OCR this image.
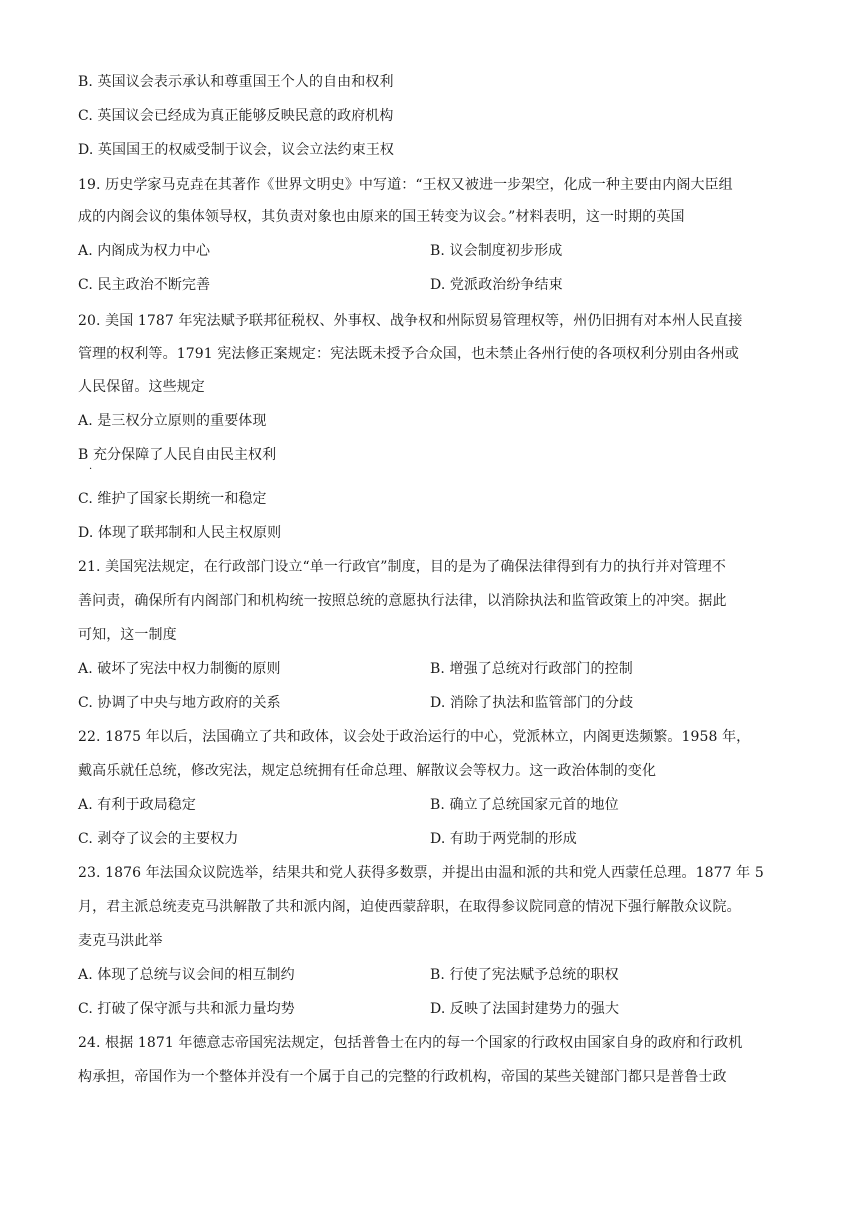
B. 英国议会表示承认和尊重国王个人的自由和权利
C. 英国议会已经成为真正能够反映民意的政府机构
D. 英国国王的权威受制于议会，议会立法约束王权
19. 历史学家马克垚在其著作《世界文明史》中写道：“王权又被进一步架空，化成一种主要由内阁大臣组
成的内阁会议的集体领导权，其负责对象也由原来的国王转变为议会。”材料表明，这一时期的英国
A. 内阁成为权力中心	B. 议会制度初步形成
C. 民主政治不断完善	D. 党派政治纷争结束
20. 美国 1787 年宪法赋予联邦征税权、外事权、战争权和州际贸易管理权等，州仍旧拥有对本州人民直接
管理的权利等。1791 宪法修正案规定：宪法既未授予合众国，也未禁止各州行使的各项权利分别由各州或
人民保留。这些规定
A. 是三权分立原则的重要体现
B 充分保障了人民自由民主权利
·
C. 维护了国家长期统一和稳定
D. 体现了联邦制和人民主权原则
21. 美国宪法规定，在行政部门设立“单一行政官”制度，目的是为了确保法律得到有力的执行并对管理不
善问责，确保所有内阁部门和机构统一按照总统的意愿执行法律，以消除执法和监管政策上的冲突。据此
可知，这一制度
A. 破坏了宪法中权力制衡的原则	B. 增强了总统对行政部门的控制
C. 协调了中央与地方政府的关系	D. 消除了执法和监管部门的分歧
22. 1875 年以后，法国确立了共和政体，议会处于政治运行的中心，党派林立，内阁更迭频繁。1958 年，
戴高乐就任总统，修改宪法，规定总统拥有任命总理、解散议会等权力。这一政治体制的变化
A. 有利于政局稳定	B. 确立了总统国家元首的地位
C. 剥夺了议会的主要权力	D. 有助于两党制的形成
23. 1876 年法国众议院选举，结果共和党人获得多数票，并提出由温和派的共和党人西蒙任总理。1877 年 5
月，君主派总统麦克马洪解散了共和派内阁，迫使西蒙辞职，在取得参议院同意的情况下强行解散众议院。
麦克马洪此举
A. 体现了总统与议会间的相互制约	B. 行使了宪法赋予总统的职权
C. 打破了保守派与共和派力量均势	D. 反映了法国封建势力的强大
24. 根据 1871 年德意志帝国宪法规定，包括普鲁士在内的每一个国家的行政权由国家自身的政府和行政机
构承担，帝国作为一个整体并没有一个属于自己的完整的行政机构，帝国的某些关键部门都只是普鲁士政
